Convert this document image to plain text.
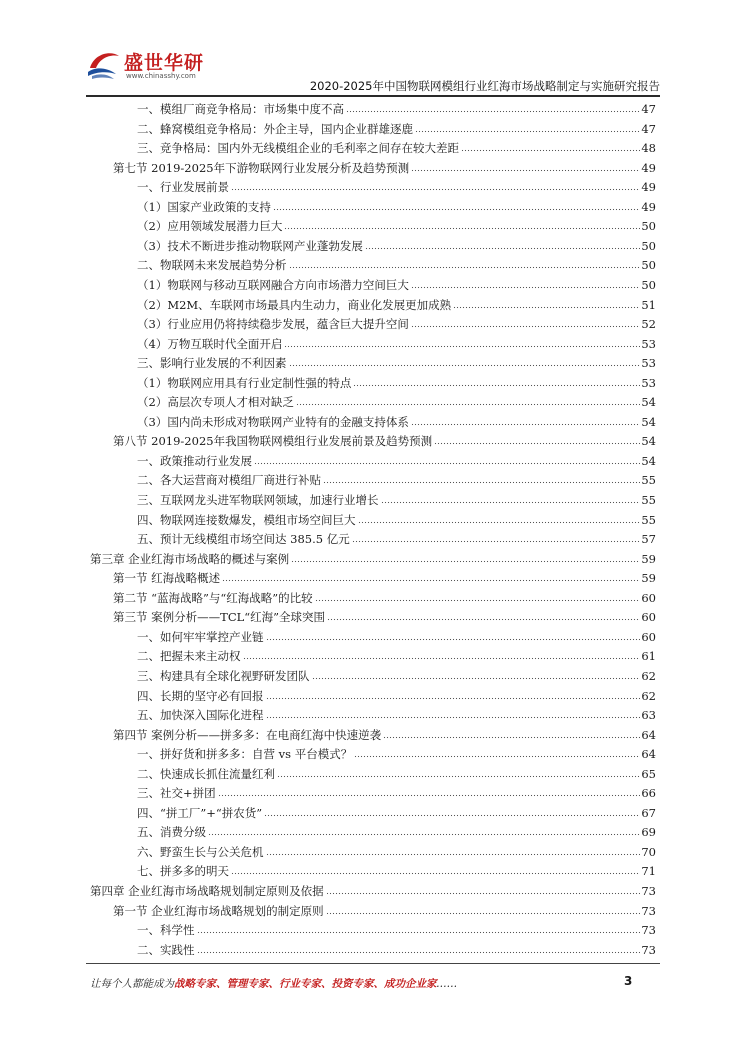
盛世华研
www.chinasshy.com
2020-2025年中国物联网模组行业红海市场战略制定与实施研究报告
一、模组厂商竞争格局：市场集中度不高	47
二、蜂窝模组竞争格局：外企主导，国内企业群雄逐鹿	47
三、竞争格局：国内外无线模组企业的毛利率之间存在较大差距	48
第七节 2019-2025年下游物联网行业发展分析及趋势预测	49
一、行业发展前景	49
（1）国家产业政策的支持	49
（2）应用领域发展潜力巨大	50
（3）技术不断进步推动物联网产业蓬勃发展	50
二、物联网未来发展趋势分析	50
（1）物联网与移动互联网融合方向市场潜力空间巨大	50
（2）M2M、车联网市场最具内生动力，商业化发展更加成熟	51
（3）行业应用仍将持续稳步发展，蕴含巨大提升空间	52
（4）万物互联时代全面开启	53
三、影响行业发展的不利因素	53
（1）物联网应用具有行业定制性强的特点	53
（2）高层次专项人才相对缺乏	54
（3）国内尚未形成对物联网产业特有的金融支持体系	54
第八节 2019-2025年我国物联网模组行业发展前景及趋势预测	54
一、政策推动行业发展	54
二、各大运营商对模组厂商进行补贴	55
三、互联网龙头进军物联网领域，加速行业增长	55
四、物联网连接数爆发，模组市场空间巨大	55
五、预计无线模组市场空间达 385.5 亿元	57
第三章 企业红海市场战略的概述与案例	59
第一节 红海战略概述	59
第二节 “蓝海战略”与“红海战略”的比较	60
第三节 案例分析——TCL“红海”全球突围	60
一、如何牢牢掌控产业链	60
二、把握未来主动权	61
三、构建具有全球化视野研发团队	62
四、长期的坚守必有回报	62
五、加快深入国际化进程	63
第四节 案例分析——拼多多：在电商红海中快速逆袭	64
一、拼好货和拼多多：自营 vs 平台模式？	64
二、快速成长抓住流量红利	65
三、社交+拼团	66
四、“拼工厂”+“拼农货”	67
五、消费分级	69
六、野蛮生长与公关危机	70
七、拼多多的明天	71
第四章 企业红海市场战略规划制定原则及依据	73
第一节 企业红海市场战略规划的制定原则	73
一、科学性	73
二、实践性	73
让每个人都能成为战略专家、管理专家、行业专家、投资专家、成功企业家……	3
